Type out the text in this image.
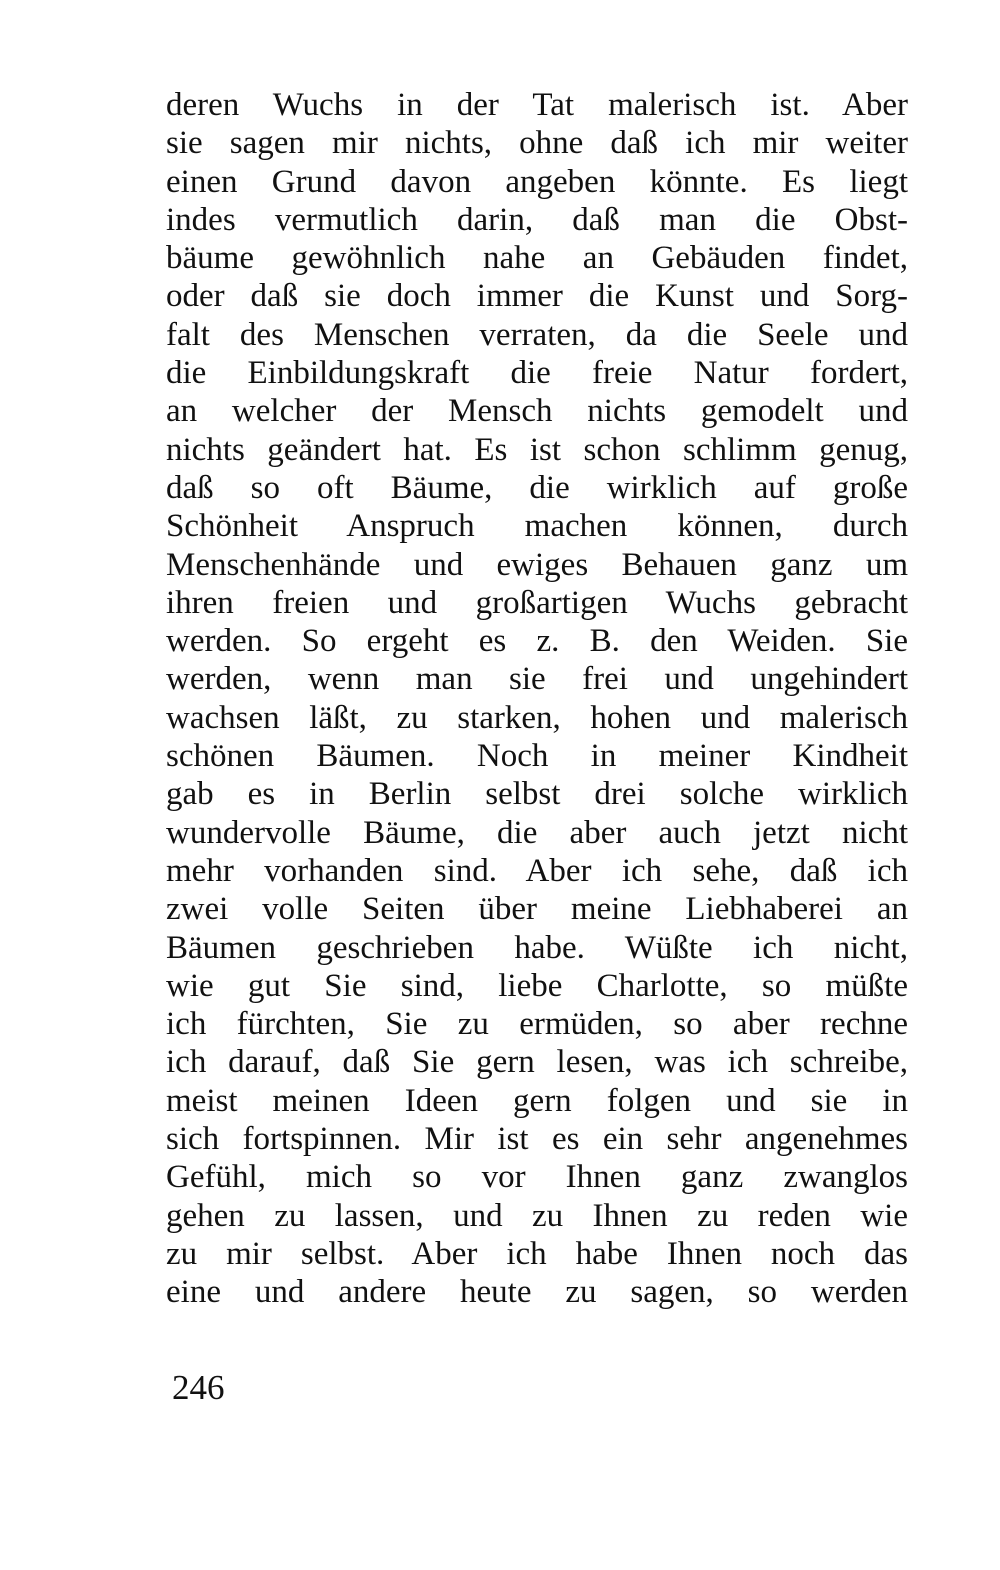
deren Wuchs in der Tat malerisch ist. Aber
sie sagen mir nichts, ohne daß ich mir weiter
einen Grund davon angeben könnte. Es liegt
indes vermutlich darin, daß man die Obst-
bäume gewöhnlich nahe an Gebäuden findet,
oder daß sie doch immer die Kunst und Sorg-
falt des Menschen verraten, da die Seele und
die Einbildungskraft die freie Natur fordert,
an welcher der Mensch nichts gemodelt und
nichts geändert hat. Es ist schon schlimm genug,
daß so oft Bäume, die wirklich auf große
Schönheit Anspruch machen können, durch
Menschenhände und ewiges Behauen ganz um
ihren freien und großartigen Wuchs gebracht
werden. So ergeht es z. B. den Weiden. Sie
werden, wenn man sie frei und ungehindert
wachsen läßt, zu starken, hohen und malerisch
schönen Bäumen. Noch in meiner Kindheit
gab es in Berlin selbst drei solche wirklich
wundervolle Bäume, die aber auch jetzt nicht
mehr vorhanden sind. Aber ich sehe, daß ich
zwei volle Seiten über meine Liebhaberei an
Bäumen geschrieben habe. Wüßte ich nicht,
wie gut Sie sind, liebe Charlotte, so müßte
ich fürchten, Sie zu ermüden, so aber rechne
ich darauf, daß Sie gern lesen, was ich schreibe,
meist meinen Ideen gern folgen und sie in
sich fortspinnen. Mir ist es ein sehr angenehmes
Gefühl, mich so vor Ihnen ganz zwanglos
gehen zu lassen, und zu Ihnen zu reden wie
zu mir selbst. Aber ich habe Ihnen noch das
eine und andere heute zu sagen, so werden
246
